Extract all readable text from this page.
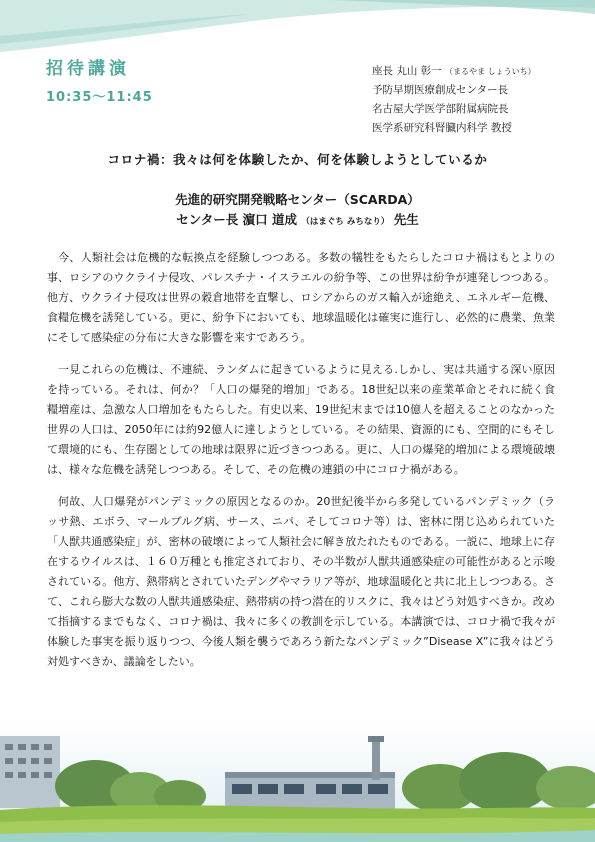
招待講演
10:35～11:45
座長 丸山 彰一 （まるやま しょういち）
予防早期医療創成センター長
名古屋大学医学部附属病院長
医学系研究科腎臓内科学 教授
コロナ禍：我々は何を体験したか、何を体験しようとしているか
先進的研究開発戦略センター（SCARDA）
センター長 濵口 道成 （はまぐち みちなり） 先生

今、人類社会は危機的な転換点を経験しつつある。多数の犠牲をもたらしたコロナ禍はもとよりの事、ロシアのウクライナ侵攻、パレスチナ・イスラエルの紛争等、この世界は紛争が連発しつつある。他方、ウクライナ侵攻は世界の穀倉地帯を直撃し、ロシアからのガス輸入が途絶え、エネルギー危機、食糧危機を誘発している。更に、紛争下においても、地球温暖化は確実に進行し、必然的に農業、魚業にそして感染症の分布に大きな影響を来すであろう。

一見これらの危機は、不連続、ランダムに起きているように見える.しかし、実は共通する深い原因を持っている。それは、何か？「人口の爆発的増加」である。18世紀以来の産業革命とそれに続く食糧増産は、急激な人口増加をもたらした。有史以来、19世紀末までは10億人を超えることのなかった世界の人口は、2050年には約92億人に達しようとしている。その結果、資源的にも、空間的にもそして環境的にも、生存圏としての地球は限界に近づきつつある。更に、人口の爆発的増加による環境破壊は、様々な危機を誘発しつつある。そして、その危機の連鎖の中にコロナ禍がある。

何故、人口爆発がパンデミックの原因となるのか。20世紀後半から多発しているパンデミック（ラッサ熱、エボラ、マールブルグ病、サース、ニパ、そしてコロナ等）は、密林に閉じ込められていた「人獣共通感染症」が、密林の破壊によって人類社会に解き放たれたものである。一説に、地球上に存在するウイルスは、１６０万種とも推定されており、その半数が人獣共通感染症の可能性があると示唆されている。他方、熱帯病とされていたデングやマラリア等が、地球温暖化と共に北上しつつある。さて、これら膨大な数の人獣共通感染症、熱帯病の持つ潜在的リスクに、我々はどう対処すべきか。改めて指摘するまでもなく、コロナ禍は、我々に多くの教訓を示している。本講演では、コロナ禍で我々が体験した事実を振り返りつつ、今後人類を襲うであろう新たなパンデミック”Disease X”に我々はどう対処すべきか、議論をしたい。
